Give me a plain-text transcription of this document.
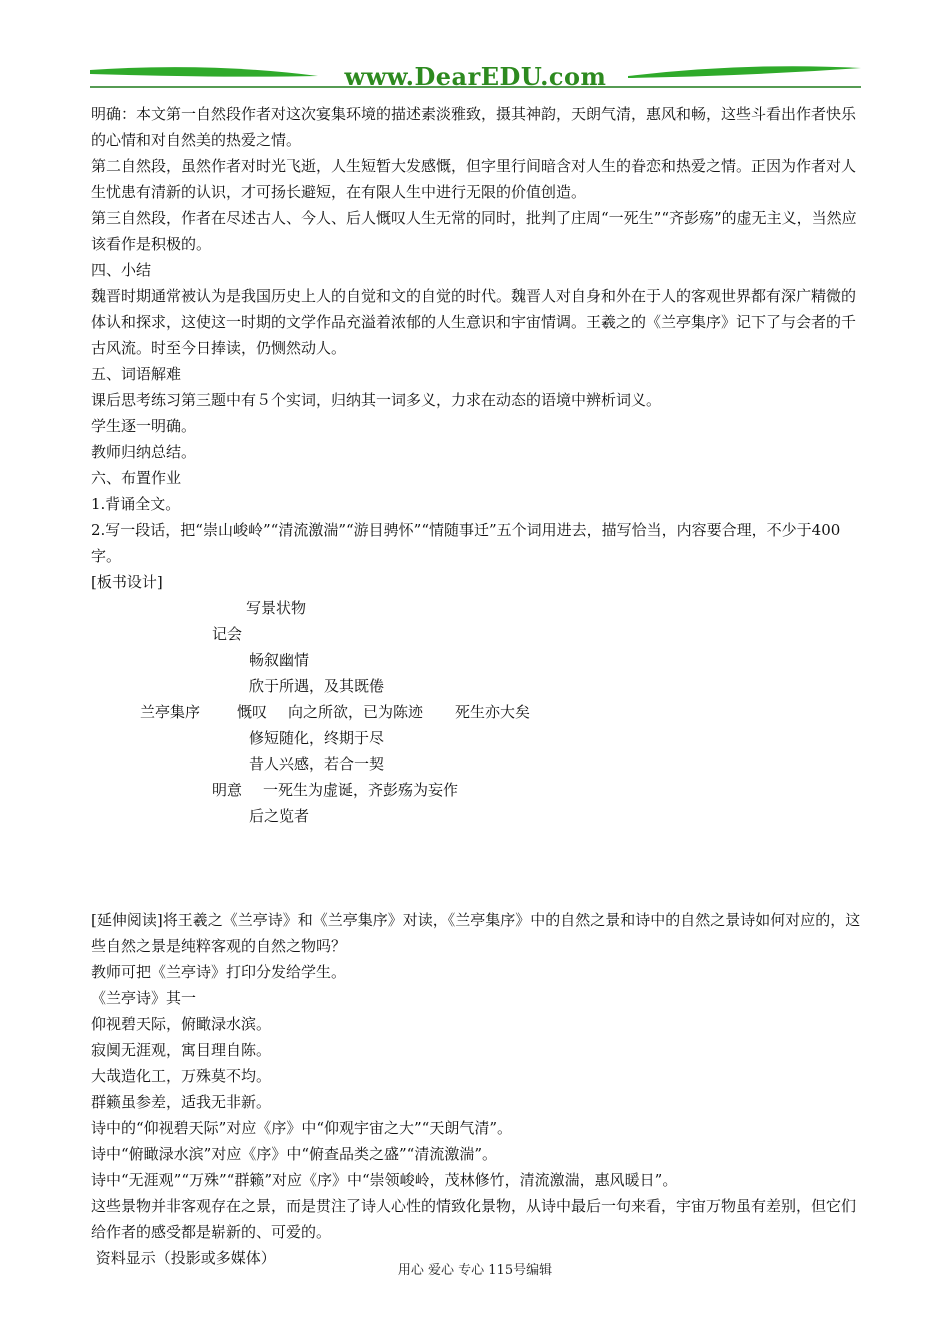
www.DearEDU.com

明确：本文第一自然段作者对这次宴集环境的描述素淡雅致，摄其神韵，天朗气清，惠风和畅，这些斗看出作者快乐的心情和对自然美的热爱之情。

第二自然段，虽然作者对时光飞逝，人生短暂大发感慨，但字里行间暗含对人生的眷恋和热爱之情。正因为作者对人生忧患有清新的认识，才可扬长避短，在有限人生中进行无限的价值创造。

第三自然段，作者在尽述古人、今人、后人慨叹人生无常的同时，批判了庄周“一死生”“齐彭殇”的虚无主义，当然应该看作是积极的。

四、小结

魏晋时期通常被认为是我国历史上人的自觉和文的自觉的时代。魏晋人对自身和外在于人的客观世界都有深广精微的体认和探求，这使这一时期的文学作品充溢着浓郁的人生意识和宇宙情调。王羲之的《兰亭集序》记下了与会者的千古风流。时至今日捧读，仍恻然动人。

五、词语解难

课后思考练习第三题中有５个实词，归纳其一词多义，力求在动态的语境中辨析词义。

学生逐一明确。

教师归纳总结。

六、布置作业

1.背诵全文。

2.写一段话，把“崇山峻岭”“清流激湍”“游目骋怀”“情随事迁”五个词用进去，描写恰当，内容要合理，不少于400字。

[板书设计]

写景状物
记会
畅叙幽情
欣于所遇，及其既倦
兰亭集序 慨叹 向之所欲，已为陈迹 死生亦大矣
修短随化，终期于尽
昔人兴感，若合一契
明意 一死生为虚诞，齐彭殇为妄作
后之览者

[延伸阅读]将王羲之《兰亭诗》和《兰亭集序》对读，《兰亭集序》中的自然之景和诗中的自然之景诗如何对应的，这些自然之景是纯粹客观的自然之物吗？

教师可把《兰亭诗》打印分发给学生。

《兰亭诗》其一

仰视碧天际，俯瞰渌水滨。

寂阒无涯观，寓目理自陈。

大哉造化工，万殊莫不均。

群籁虽参差，适我无非新。

诗中的“仰视碧天际”对应《序》中“仰观宇宙之大”“天朗气清”。

诗中“俯瞰渌水滨”对应《序》中“俯查品类之盛”“清流激湍”。

诗中“无涯观”“万殊”“群籁”对应《序》中“崇领峻岭，茂林修竹，清流激湍，惠风暖日”。

这些景物并非客观存在之景，而是贯注了诗人心性的情致化景物，从诗中最后一句来看，宇宙万物虽有差别，但它们给作者的感受都是崭新的、可爱的。

资料显示（投影或多媒体）

用心 爱心 专心 115号编辑
